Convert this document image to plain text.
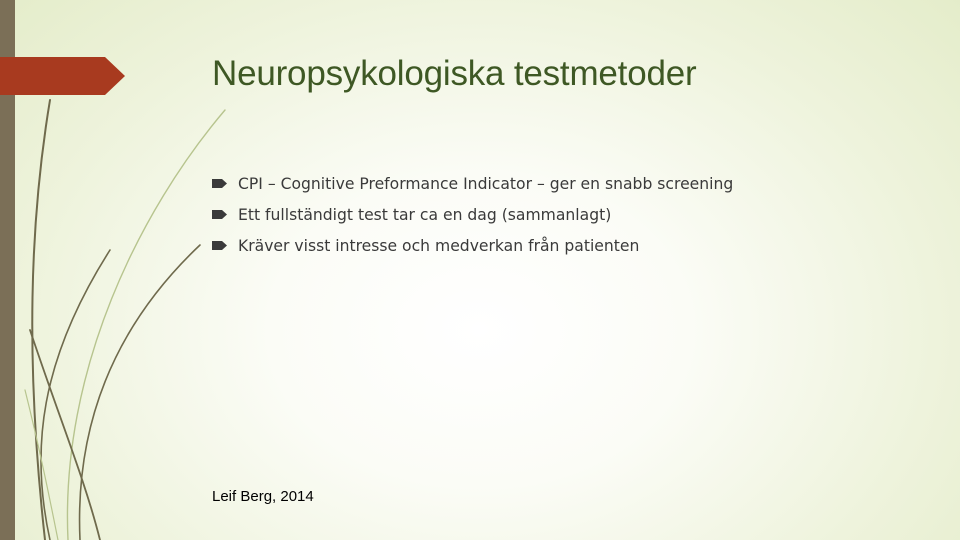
Neuropsykologiska testmetoder
CPI – Cognitive Preformance Indicator – ger en snabb screening
Ett fullständigt test tar ca en dag (sammanlagt)
Kräver visst intresse och medverkan från patienten
Leif Berg, 2014
